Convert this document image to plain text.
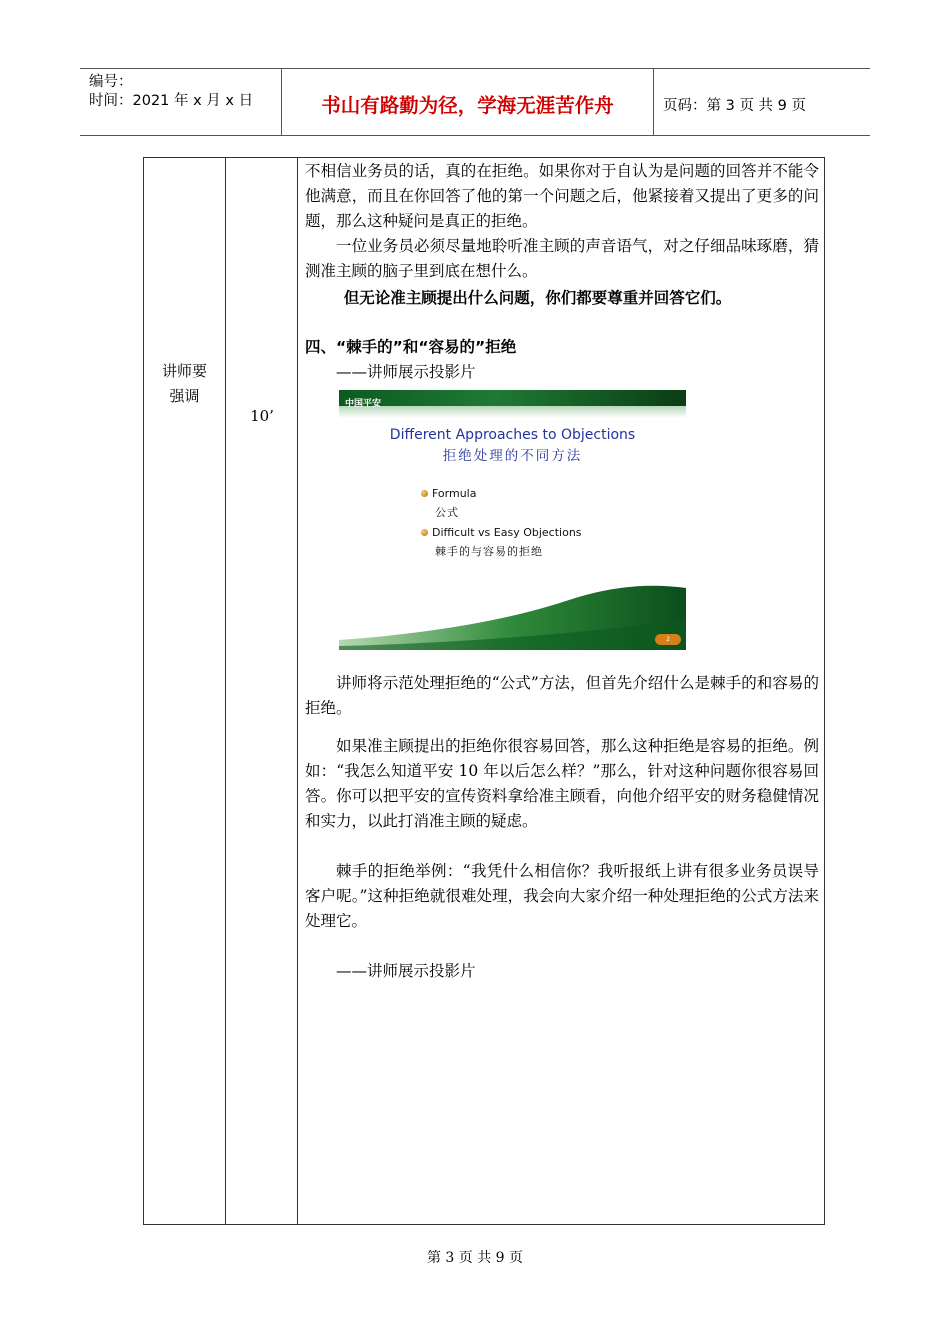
编号：
时间：2021 年 x 月 x 日	书山有路勤为径，学海无涯苦作舟	页码：第 3 页 共 9 页
讲师要
强调
10’

不相信业务员的话，真的在拒绝。如果你对于自认为是问题的回答并不能令他满意，而且在你回答了他的第一个问题之后，他紧接着又提出了更多的问题，那么这种疑问是真正的拒绝。

一位业务员必须尽量地聆听准主顾的声音语气，对之仔细品味琢磨，猜测准主顾的脑子里到底在想什么。

但无论准主顾提出什么问题，你们都要尊重并回答它们。

四、“棘手的”和“容易的”拒绝

——讲师展示投影片

中国平安
Different Approaches to Objections
拒绝处理的不同方法
Formula
公式
Difficult vs Easy Objections
棘手的与容易的拒绝
2

讲师将示范处理拒绝的“公式”方法，但首先介绍什么是棘手的和容易的拒绝。

如果准主顾提出的拒绝你很容易回答，那么这种拒绝是容易的拒绝。例如：“我怎么知道平安 10 年以后怎么样？”那么，针对这种问题你很容易回答。你可以把平安的宣传资料拿给准主顾看，向他介绍平安的财务稳健情况和实力，以此打消准主顾的疑虑。

棘手的拒绝举例：“我凭什么相信你？我听报纸上讲有很多业务员误导客户呢。”这种拒绝就很难处理，我会向大家介绍一种处理拒绝的公式方法来处理它。

——讲师展示投影片

第 3 页 共 9 页
